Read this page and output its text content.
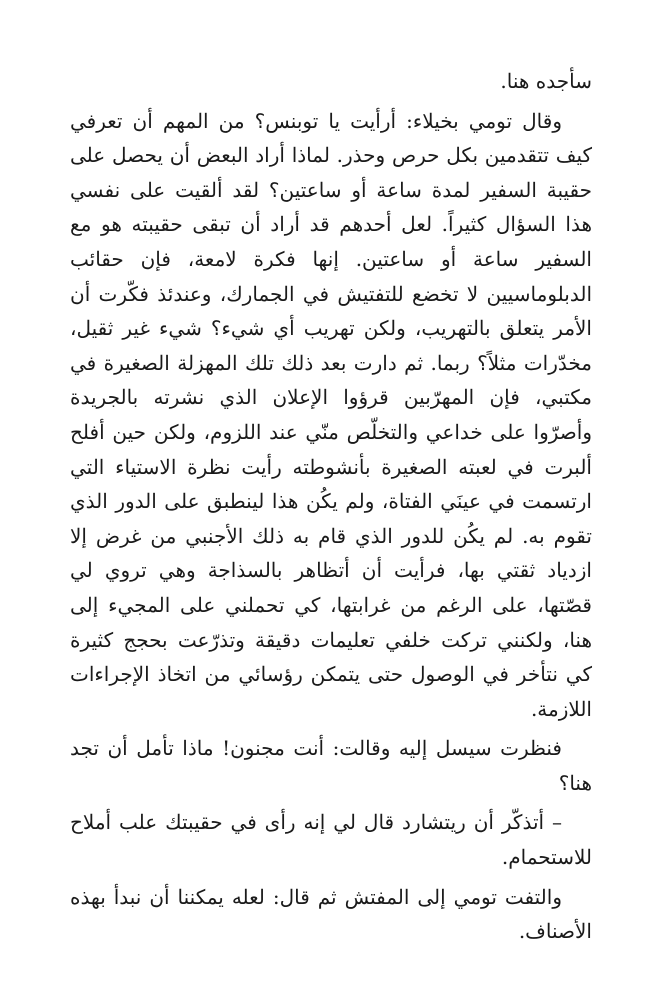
سأجده هنا.

وقال تومي بخيلاء: أرأيت يا توبنس؟ من المهم أن تعرفي كيف تتقدمين بكل حرص وحذر. لماذا أراد البعض أن يحصل على حقيبة السفير لمدة ساعة أو ساعتين؟ لقد ألقيت على نفسي هذا السؤال كثيراً. لعل أحدهم قد أراد أن تبقى حقيبته هو مع السفير ساعة أو ساعتين. إنها فكرة لامعة، فإن حقائب الدبلوماسيين لا تخضع للتفتيش في الجمارك، وعندئذ فكّرت أن الأمر يتعلق بالتهريب، ولكن تهريب أي شيء؟ شيء غير ثقيل، مخدّرات مثلاً؟ ربما. ثم دارت بعد ذلك تلك المهزلة الصغيرة في مكتبي، فإن المهرّبين قرؤوا الإعلان الذي نشرته بالجريدة وأصرّوا على خداعي والتخلّص منّي عند اللزوم، ولكن حين أفلح ألبرت في لعبته الصغيرة بأنشوطته رأيت نظرة الاستياء التي ارتسمت في عينَي الفتاة، ولم يكُن هذا لينطبق على الدور الذي تقوم به. لم يكُن للدور الذي قام به ذلك الأجنبي من غرض إلا ازدياد ثقتي بها، فرأيت أن أتظاهر بالسذاجة وهي تروي لي قصّتها، على الرغم من غرابتها، كي تحملني على المجيء إلى هنا، ولكنني تركت خلفي تعليمات دقيقة وتذرّعت بحجج كثيرة كي نتأخر في الوصول حتى يتمكن رؤسائي من اتخاذ الإجراءات اللازمة.

فنظرت سيسل إليه وقالت: أنت مجنون! ماذا تأمل أن تجد هنا؟

– أتذكّر أن ريتشارد قال لي إنه رأى في حقيبتك علب أملاح للاستحمام.

والتفت تومي إلى المفتش ثم قال: لعله يمكننا أن نبدأ بهذه الأصناف.
